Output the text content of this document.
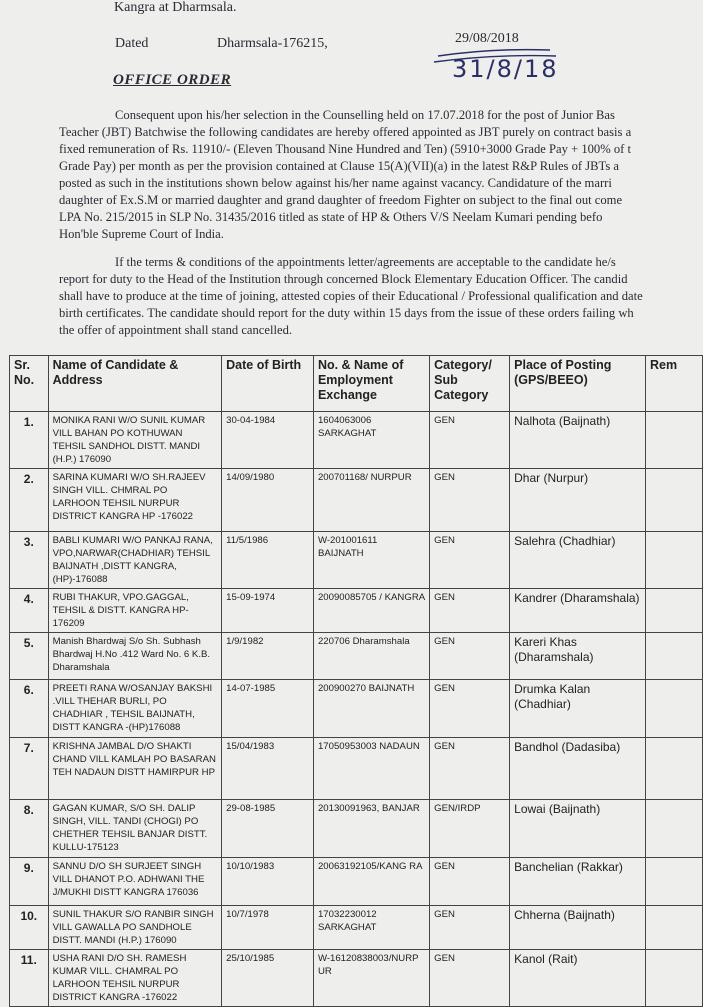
Kangra at Dharmsala.
Dated	Dharmsala-176215,	29/08/2018
31/8/18
OFFICE ORDER
Consequent upon his/her selection in the Counselling held on 17.07.2018 for the post of Junior Bas
Teacher (JBT) Batchwise the following candidates are hereby offered appointed as JBT purely on contract basis a
fixed remuneration of Rs. 11910/- (Eleven Thousand Nine Hundred and Ten) (5910+3000 Grade Pay + 100% of t
Grade Pay) per month as per the provision contained at Clause 15(A)(VII)(a) in the latest R&P Rules of JBTs a
posted as such in the institutions shown below against his/her name against vacancy. Candidature of the marri
daughter of Ex.S.M or married daughter and grand daughter of freedom Fighter on subject to the final out come
LPA No. 215/2015 in SLP No. 31435/2016 titled as state of HP & Others V/S Neelam Kumari pending befo
Hon'ble Supreme Court of India.
If the terms & conditions of the appointments letter/agreements are acceptable to the candidate he/s
report for duty to the Head of the Institution through concerned Block Elementary Education Officer. The candid
shall have to produce at the time of joining, attested copies of their Educational / Professional qualification and date
birth certificates. The candidate should report for the duty within 15 days from the issue of these orders failing wh
the offer of appointment shall stand cancelled.
Sr. No.	Name of Candidate & Address	Date of Birth	No. & Name of Employment Exchange	Category/ Sub Category	Place of Posting (GPS/BEEO)	Rem
1.	MONIKA RANI W/O SUNIL KUMAR VILL BAHAN PO KOTHUWAN TEHSIL SANDHOL DISTT. MANDI (H.P.) 176090	30-04-1984	1604063006 SARKAGHAT	GEN	Nalhota (Baijnath)	
2.	SARINA KUMARI W/O SH.RAJEEV SINGH VILL. CHMRAL PO LARHOON TEHSIL NURPUR DISTRICT KANGRA HP -176022	14/09/1980	200701168/ NURPUR	GEN	Dhar (Nurpur)	
3.	BABLI KUMARI W/O PANKAJ RANA, VPO,NARWAR(CHADHIAR) TEHSIL BAIJNATH ,DISTT KANGRA,(HP)-176088	11/5/1986	W-201001611 BAIJNATH	GEN	Salehra (Chadhiar)	
4.	RUBI THAKUR, VPO.GAGGAL, TEHSIL & DISTT. KANGRA HP-176209	15-09-1974	20090085705 / KANGRA	GEN	Kandrer (Dharamshala)	
5.	Manish Bhardwaj S/o Sh. Subhash Bhardwaj H.No .412 Ward No. 6 K.B. Dharamshala	1/9/1982	220706 Dharamshala	GEN	Kareri Khas (Dharamshala)	
6.	PREETI RANA W/OSANJAY BAKSHI .VILL THEHAR BURLI, PO CHADHIAR , TEHSIL BAIJNATH, DISTT KANGRA -(HP)176088	14-07-1985	200900270 BAIJNATH	GEN	Drumka Kalan (Chadhiar)	
7.	KRISHNA JAMBAL D/O SHAKTI CHAND VILL KAMLAH PO BASARAN TEH NADAUN DISTT HAMIRPUR HP	15/04/1983	17050953003 NADAUN	GEN	Bandhol (Dadasiba)	
8.	GAGAN KUMAR, S/O SH. DALIP SINGH, VILL. TANDI (CHOGI) PO CHETHER TEHSIL BANJAR DISTT. KULLU-175123	29-08-1985	20130091963, BANJAR	GEN/IRDP	Lowai (Baijnath)	
9.	SANNU D/O SH SURJEET SINGH VILL DHANOT P.O. ADHWANI THE J/MUKHI DISTT KANGRA 176036	10/10/1983	20063192105/KANG RA	GEN	Banchelian (Rakkar)	
10.	SUNIL THAKUR S/O RANBIR SINGH VILL GAWALLA PO SANDHOLE DISTT. MANDI (H.P.) 176090	10/7/1978	17032230012 SARKAGHAT	GEN	Chherna (Baijnath)	
11.	USHA RANI D/O SH. RAMESH KUMAR VILL. CHAMRAL PO LARHOON TEHSIL NURPUR DISTRICT KANGRA -176022	25/10/1985	W-16120838003/NURP UR	GEN	Kanol (Rait)	
